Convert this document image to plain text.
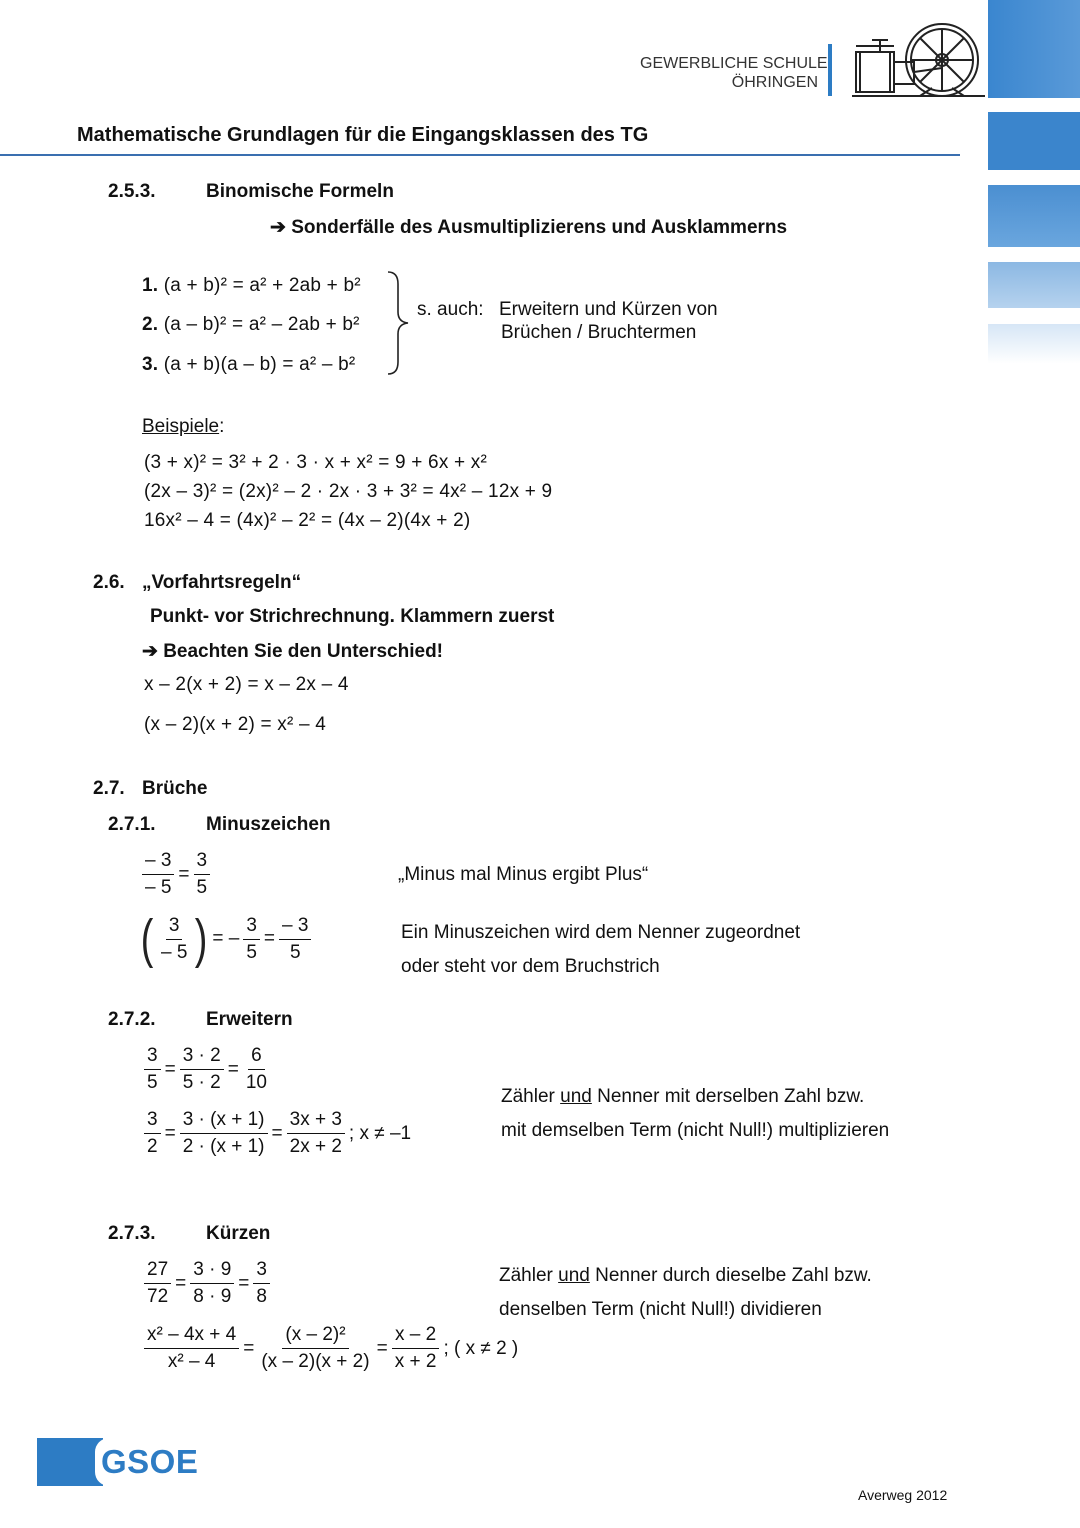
GEWERBLICHE SCHULE
ÖHRINGEN
Mathematische Grundlagen für die Eingangsklassen des TG
2.5.3.	Binomische Formeln
➔ Sonderfälle des Ausmultiplizierens und Ausklammerns
1. (a + b)² = a² + 2ab + b²
2. (a – b)² = a² – 2ab + b²
3. (a + b)(a – b) = a² – b²
s. auch: Erweitern und Kürzen von
Brüchen / Bruchtermen
Beispiele:
(3 + x)² = 3² + 2 · 3 · x + x² = 9 + 6x + x²
(2x – 3)² = (2x)² – 2 · 2x · 3 + 3² = 4x² – 12x + 9
16x² – 4 = (4x)² – 2² = (4x – 2)(4x + 2)
2.6. „Vorfahrtsregeln“
Punkt- vor Strichrechnung. Klammern zuerst
➔ Beachten Sie den Unterschied!
x – 2(x + 2) = x – 2x – 4
(x – 2)(x + 2) = x² – 4
2.7. Brüche
2.7.1.	Minuszeichen
$\frac{- 3}{- 5} = \frac{3}{5}$
( $\frac{3}{- 5}$ ) = – $\frac{3}{5} = \frac{- 3}{5}$
„Minus mal Minus ergibt Plus“
Ein Minuszeichen wird dem Nenner zugeordnet
oder steht vor dem Bruchstrich
2.7.2.	Erweitern
$\frac{3}{5} = \frac{3 \cdot 2}{5 \cdot 2} = \frac{6}{10}$
$\frac{3}{2} = \frac{3 \cdot (x + 1)}{2 \cdot (x + 1)} = \frac{3x + 3}{2x + 2}$ ; x ≠ –1
Zähler und Nenner mit derselben Zahl bzw.
mit demselben Term (nicht Null!) multiplizieren
2.7.3.	Kürzen
$\frac{27}{72} = \frac{3 \cdot 9}{8 \cdot 9} = \frac{3}{8}$
$\frac{\text{x² – 4x + 4}}{\text{x² – 4}} = \frac{\text{(x – 2)²}}{(x - 2)(x + 2)} = \frac{x - 2}{x + 2}$ ; ( x ≠ 2 )
Zähler und Nenner durch dieselbe Zahl bzw.
denselben Term (nicht Null!) dividieren
GSOE
Averweg 2012
